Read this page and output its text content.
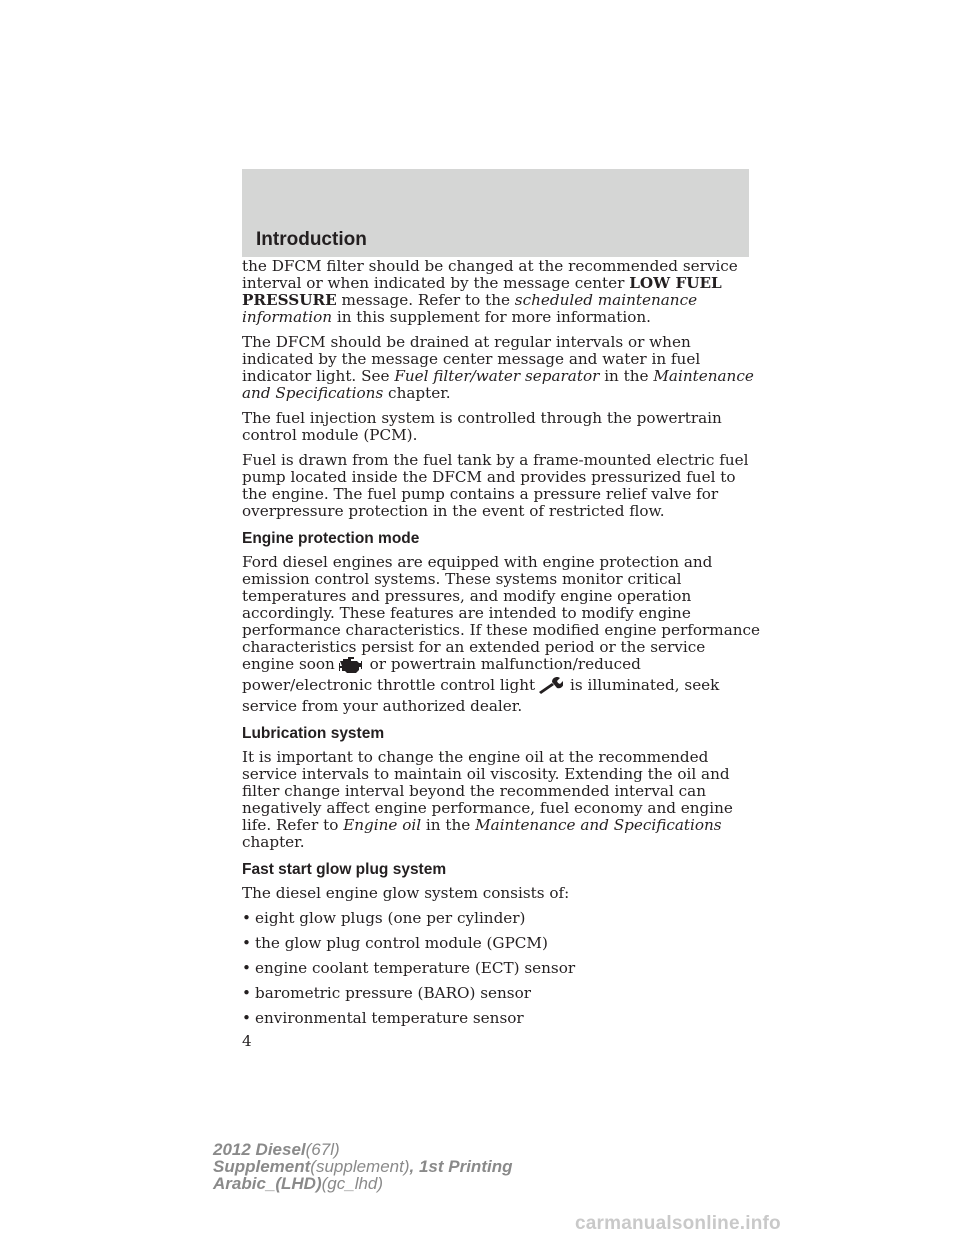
Introduction

the DFCM filter should be changed at the recommended service interval or when indicated by the message center LOW FUEL PRESSURE message. Refer to the scheduled maintenance information in this supplement for more information.

The DFCM should be drained at regular intervals or when indicated by the message center message and water in fuel indicator light. See Fuel filter/water separator in the Maintenance and Specifications chapter.

The fuel injection system is controlled through the powertrain control module (PCM).

Fuel is drawn from the fuel tank by a frame-mounted electric fuel pump located inside the DFCM and provides pressurized fuel to the engine. The fuel pump contains a pressure relief valve for overpressure protection in the event of restricted flow.

Engine protection mode

Ford diesel engines are equipped with engine protection and emission control systems. These systems monitor critical temperatures and pressures, and modify engine operation accordingly. These features are intended to modify engine performance characteristics. If these modified engine performance characteristics persist for an extended period or the service engine soon or powertrain malfunction/reduced power/electronic throttle control light is illuminated, seek service from your authorized dealer.

Lubrication system

It is important to change the engine oil at the recommended service intervals to maintain oil viscosity. Extending the oil and filter change interval beyond the recommended interval can negatively affect engine performance, fuel economy and engine life. Refer to Engine oil in the Maintenance and Specifications chapter.

Fast start glow plug system

The diesel engine glow system consists of:

• eight glow plugs (one per cylinder)
• the glow plug control module (GPCM)
• engine coolant temperature (ECT) sensor
• barometric pressure (BARO) sensor
• environmental temperature sensor
4
2012 Diesel(67l)
Supplement(supplement), 1st Printing
Arabic_(LHD)(gc_lhd)
carmanualsonline.info
